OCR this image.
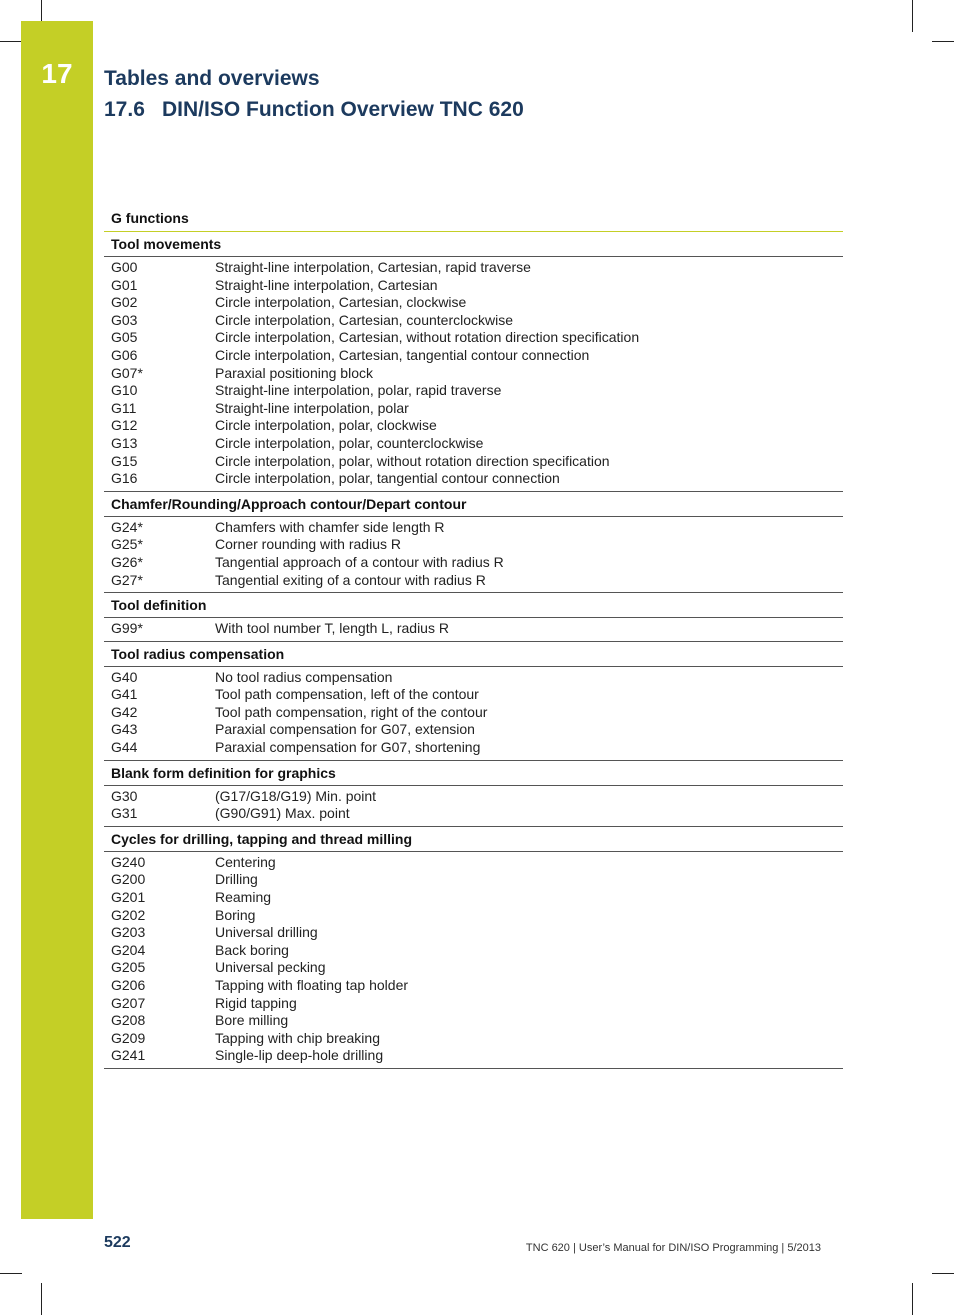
17	Tables and overviews
17.6 DIN/ISO Function Overview TNC 620
G functions
Tool movements
G00	Straight-line interpolation, Cartesian, rapid traverse
G01	Straight-line interpolation, Cartesian
G02	Circle interpolation, Cartesian, clockwise
G03	Circle interpolation, Cartesian, counterclockwise
G05	Circle interpolation, Cartesian, without rotation direction specification
G06	Circle interpolation, Cartesian, tangential contour connection
G07*	Paraxial positioning block
G10	Straight-line interpolation, polar, rapid traverse
G11	Straight-line interpolation, polar
G12	Circle interpolation, polar, clockwise
G13	Circle interpolation, polar, counterclockwise
G15	Circle interpolation, polar, without rotation direction specification
G16	Circle interpolation, polar, tangential contour connection
Chamfer/Rounding/Approach contour/Depart contour
G24*	Chamfers with chamfer side length R
G25*	Corner rounding with radius R
G26*	Tangential approach of a contour with radius R
G27*	Tangential exiting of a contour with radius R
Tool definition
G99*	With tool number T, length L, radius R
Tool radius compensation
G40	No tool radius compensation
G41	Tool path compensation, left of the contour
G42	Tool path compensation, right of the contour
G43	Paraxial compensation for G07, extension
G44	Paraxial compensation for G07, shortening
Blank form definition for graphics
G30	(G17/G18/G19) Min. point
G31	(G90/G91) Max. point
Cycles for drilling, tapping and thread milling
G240	Centering
G200	Drilling
G201	Reaming
G202	Boring
G203	Universal drilling
G204	Back boring
G205	Universal pecking
G206	Tapping with floating tap holder
G207	Rigid tapping
G208	Bore milling
G209	Tapping with chip breaking
G241	Single-lip deep-hole drilling
522	TNC 620 | User’s Manual for DIN/ISO Programming | 5/2013
